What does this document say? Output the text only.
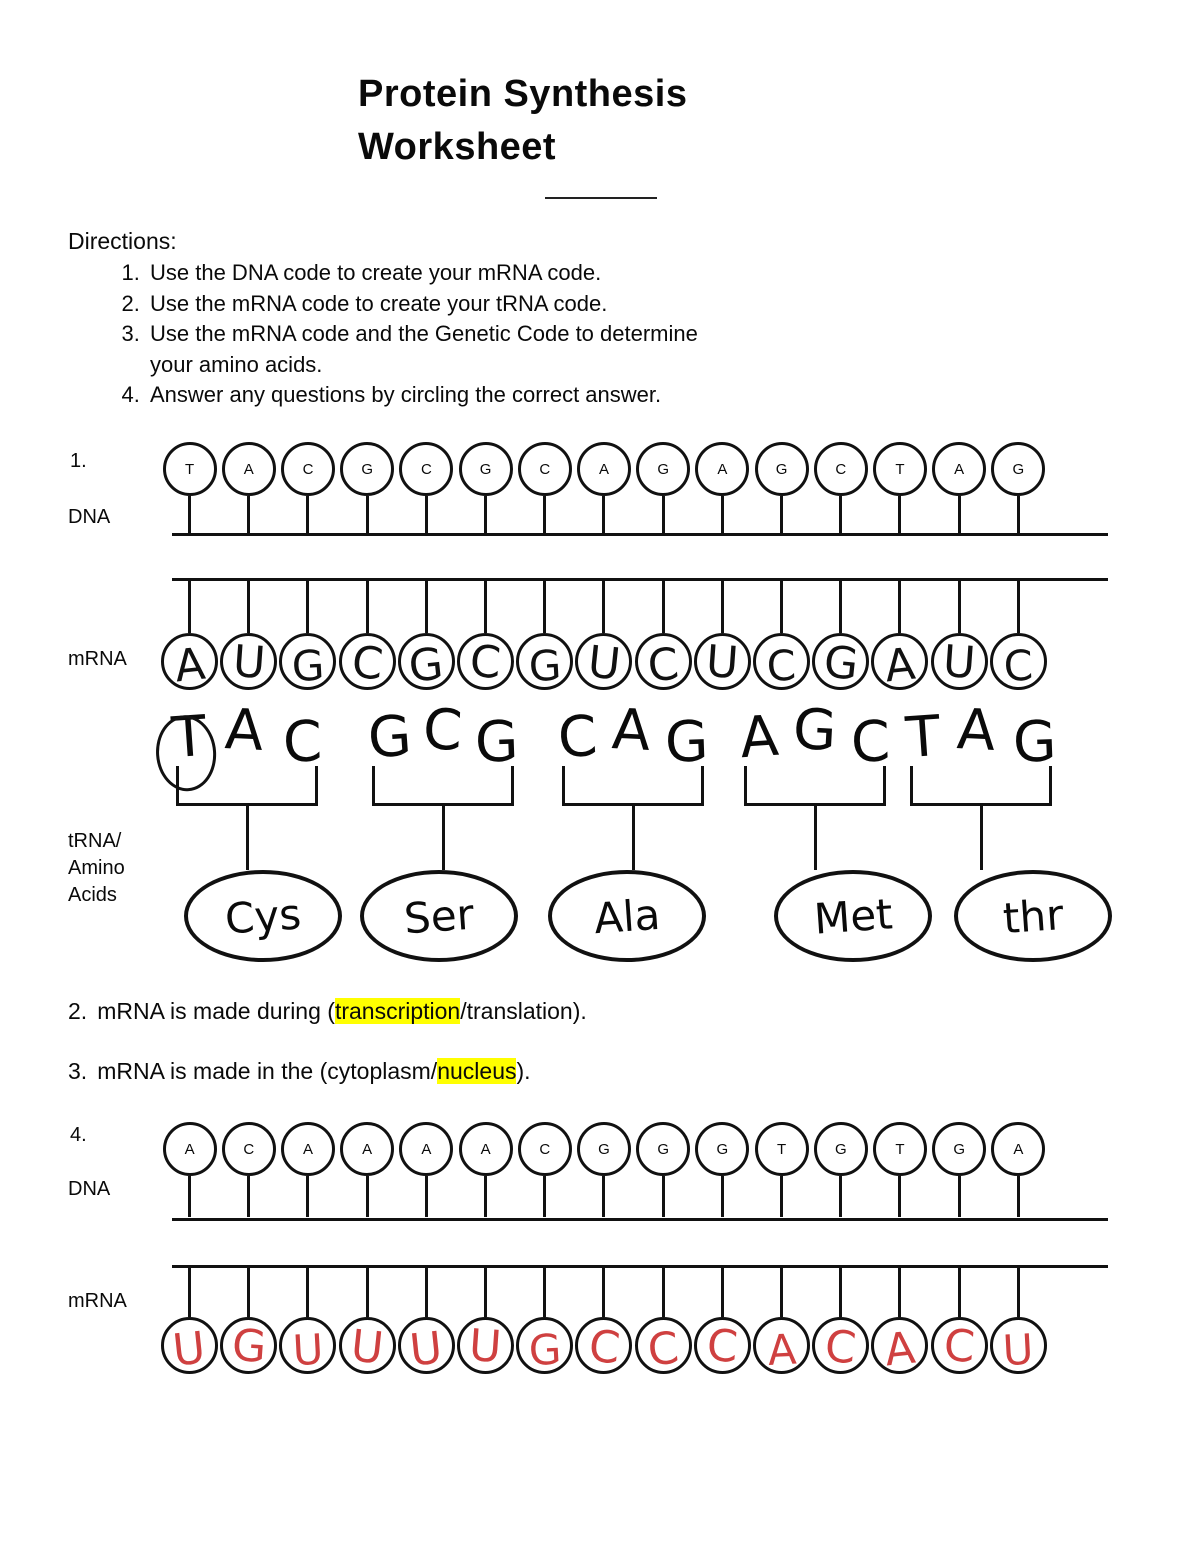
Protein Synthesis
Worksheet
Directions:
1. Use the DNA code to create your mRNA code.
2. Use the mRNA code to create your tRNA code.
3. Use the mRNA code and the Genetic Code to determine your amino acids.
4. Answer any questions by circling the correct answer.
1.
DNA
T	A	C	G	C	G	C	A	G	A	G	C	T	A	G
mRNA A U G C G C G U C U C G A U C
tRNA/
Amino
Acids
T A C
Cys
G C G
Ser
C A G
Ala
A G C
Met
T A G
thr
2. mRNA is made during (transcription/translation).
3. mRNA is made in the (cytoplasm/nucleus).
4.
DNA
A	C	A	A	A	A	C	G	G	G	T	G	T	G	A
mRNA
U G U U U U G C C C A C A C U
